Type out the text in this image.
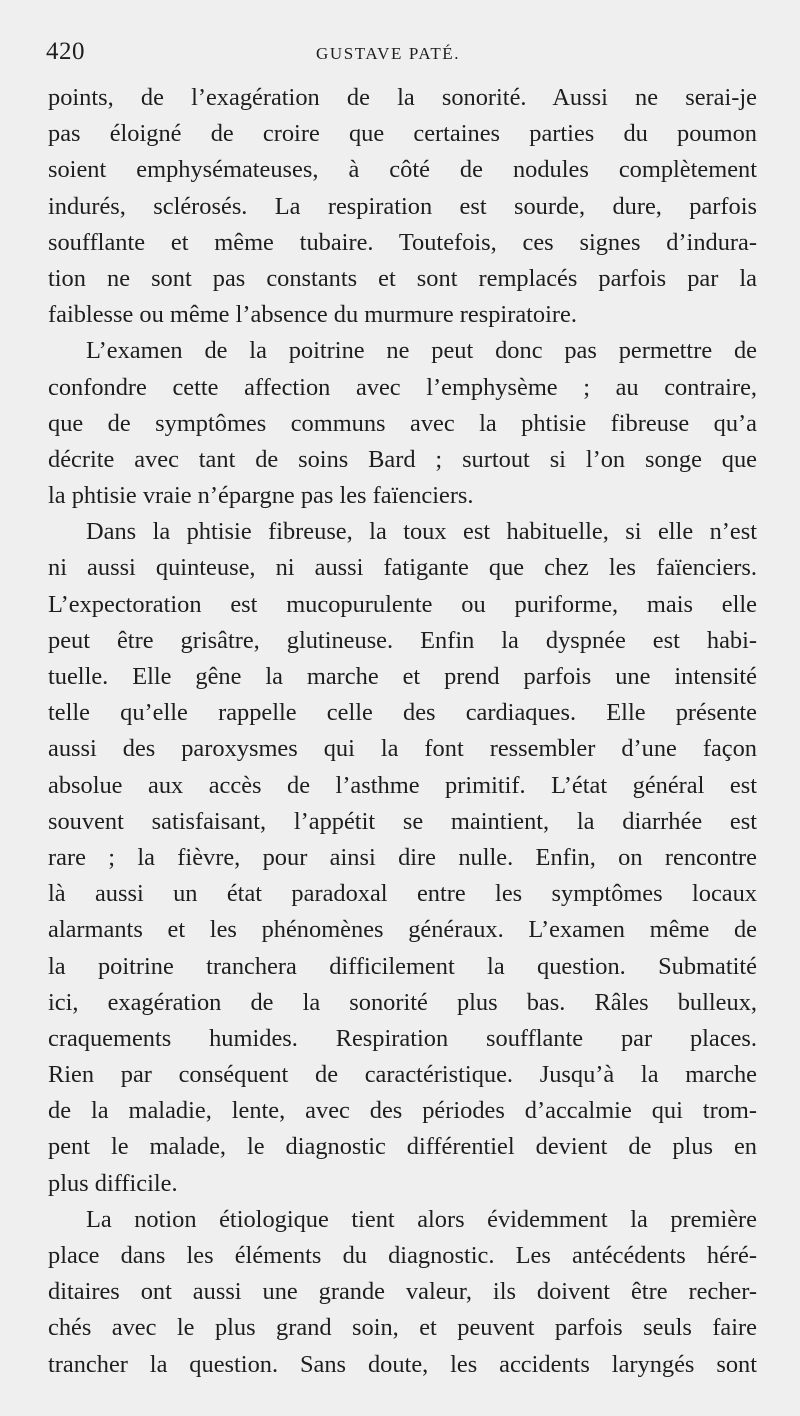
420	GUSTAVE PATÉ.
points, de l’exagération de la sonorité. Aussi ne serai-je
pas éloigné de croire que certaines parties du poumon
soient emphysémateuses, à côté de nodules complètement
indurés, sclérosés. La respiration est sourde, dure, parfois
soufflante et même tubaire. Toutefois, ces signes d’indura-
tion ne sont pas constants et sont remplacés parfois par la
faiblesse ou même l’absence du murmure respiratoire.
L’examen de la poitrine ne peut donc pas permettre de
confondre cette affection avec l’emphysème ; au contraire,
que de symptômes communs avec la phtisie fibreuse qu’a
décrite avec tant de soins Bard ; surtout si l’on songe que
la phtisie vraie n’épargne pas les faïenciers.
Dans la phtisie fibreuse, la toux est habituelle, si elle n’est
ni aussi quinteuse, ni aussi fatigante que chez les faïenciers.
L’expectoration est mucopurulente ou puriforme, mais elle
peut être grisâtre, glutineuse. Enfin la dyspnée est habi-
tuelle. Elle gêne la marche et prend parfois une intensité
telle qu’elle rappelle celle des cardiaques. Elle présente
aussi des paroxysmes qui la font ressembler d’une façon
absolue aux accès de l’asthme primitif. L’état général est
souvent satisfaisant, l’appétit se maintient, la diarrhée est
rare ; la fièvre, pour ainsi dire nulle. Enfin, on rencontre
là aussi un état paradoxal entre les symptômes locaux
alarmants et les phénomènes généraux. L’examen même de
la poitrine tranchera difficilement la question. Submatité
ici, exagération de la sonorité plus bas. Râles bulleux,
craquements humides. Respiration soufflante par places.
Rien par conséquent de caractéristique. Jusqu’à la marche
de la maladie, lente, avec des périodes d’accalmie qui trom-
pent le malade, le diagnostic différentiel devient de plus en
plus difficile.
La notion étiologique tient alors évidemment la première
place dans les éléments du diagnostic. Les antécédents héré-
ditaires ont aussi une grande valeur, ils doivent être recher-
chés avec le plus grand soin, et peuvent parfois seuls faire
trancher la question. Sans doute, les accidents laryngés sont
